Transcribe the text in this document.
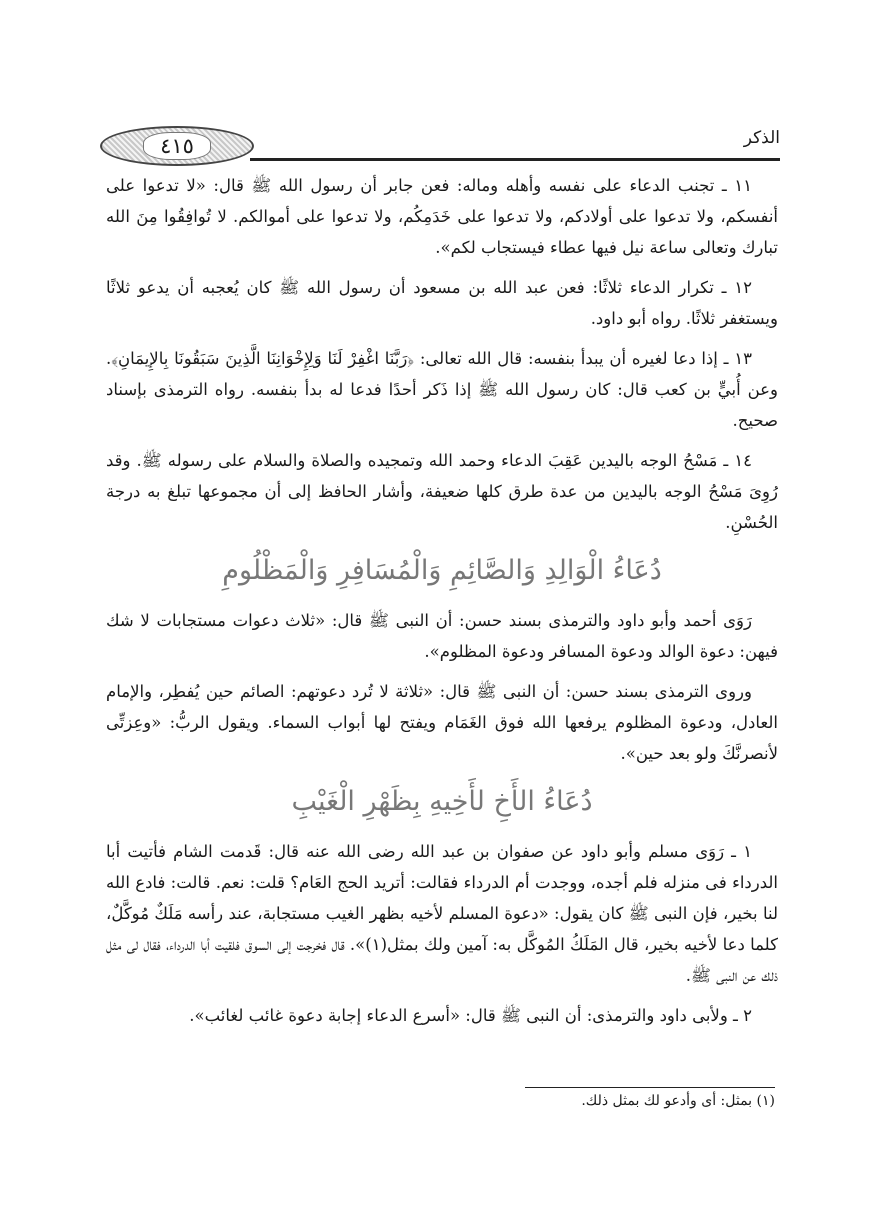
٤١٥	الذكر

١١ ـ تجنب الدعاء على نفسه وأهله وماله: فعن جابر أن رسول الله ﷺ قال: «لا تدعوا على أنفسكم، ولا تدعوا على أولادكم، ولا تدعوا على خَدَمِكُم، ولا تدعوا على أموالكم. لا تُوافِقُوا مِنَ الله تبارك وتعالى ساعة نيل فيها عطاء فيستجاب لكم».

١٢ ـ تكرار الدعاء ثلاثًا: فعن عبد الله بن مسعود أن رسول الله ﷺ كان يُعجبه أن يدعو ثلاثًا ويستغفر ثلاثًا. رواه أبو داود.

١٣ ـ إذا دعا لغيره أن يبدأ بنفسه: قال الله تعالى: ﴿رَبَّنَا اغْفِرْ لَنَا وَلِإِخْوَانِنَا الَّذِينَ سَبَقُونَا بِالإِيمَانِ﴾. وعن أُبيٍّ بن كعب قال: كان رسول الله ﷺ إذا ذَكر أحدًا فدعا له بدأ بنفسه. رواه الترمذى بإسناد صحيح.

١٤ ـ مَسْحُ الوجه باليدين عَقِبَ الدعاء وحمد الله وتمجيده والصلاة والسلام على رسوله ﷺ. وقد رُوِىَ مَسْحُ الوجه باليدين من عدة طرق كلها ضعيفة، وأشار الحافظ إلى أن مجموعها تبلغ به درجة الحُسْنِ.

دُعَاءُ الْوَالِدِ وَالصَّائِمِ وَالْمُسَافِرِ وَالْمَظْلُومِ

رَوَى أحمد وأبو داود والترمذى بسند حسن: أن النبى ﷺ قال: «ثلاث دعوات مستجابات لا شك فيهن: دعوة الوالد ودعوة المسافر ودعوة المظلوم».

وروى الترمذى بسند حسن: أن النبى ﷺ قال: «ثلاثة لا تُرد دعوتهم: الصائم حين يُفطِر، والإمام العادل، ودعوة المظلوم يرفعها الله فوق الغَمَام ويفتح لها أبواب السماء. ويقول الربُّ: «وعِزتِّى لأنصرنَّكَ ولو بعد حين».

دُعَاءُ الأَخِ لأَخِيهِ بِظَهْرِ الْغَيْبِ

١ ـ رَوَى مسلم وأبو داود عن صفوان بن عبد الله رضى الله عنه قال: قَدمت الشام فأتيت أبا الدرداء فى منزله فلم أجده، ووجدت أم الدرداء فقالت: أتريد الحج العَام؟ قلت: نعم. قالت: فادع الله لنا بخير، فإن النبى ﷺ كان يقول: «دعوة المسلم لأخيه بظهر الغيب مستجابة، عند رأسه مَلَكٌ مُوكَّلٌ، كلما دعا لأخيه بخير، قال المَلَكُ المُوكَّل به: آمين ولك بمثل(١)». قال فخرجت إلى السوق فلقيت أبا الدرداء، فقال لى مثل ذلك عن النبى ﷺ.

٢ ـ ولأبى داود والترمذى: أن النبى ﷺ قال: «أسرع الدعاء إجابة دعوة غائب لغائب».

(١) بمثل: أى وأدعو لك بمثل ذلك.
